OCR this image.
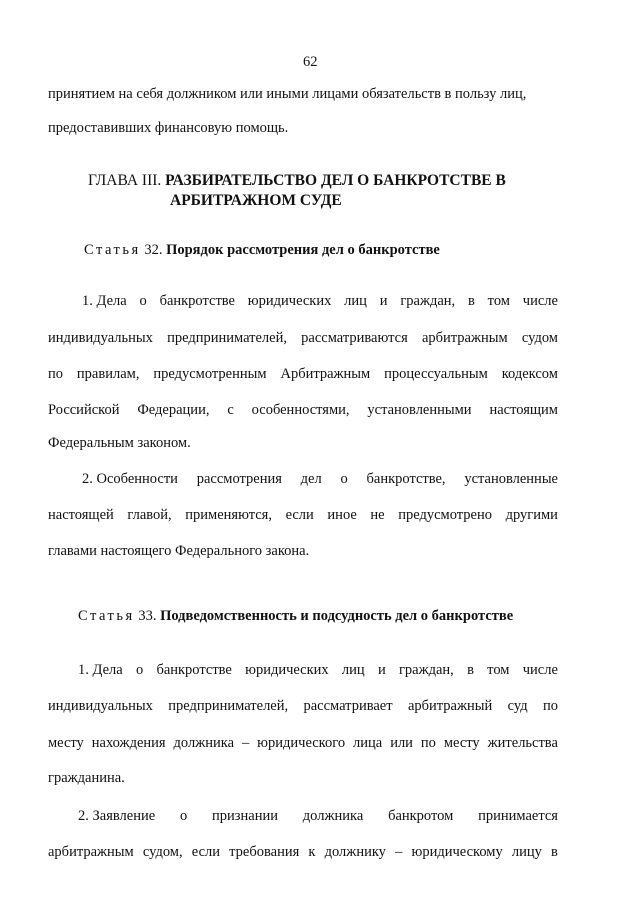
62
принятием на себя должником или иными лицами обязательств в пользу лиц,
предоставивших финансовую помощь.
ГЛАВА III. РАЗБИРАТЕЛЬСТВО ДЕЛ О БАНКРОТСТВЕ В
АРБИТРАЖНОМ СУДЕ
Статья 32. Порядок рассмотрения дел о банкротстве
1. Дела о банкротстве юридических лиц и граждан, в том числе
индивидуальных предпринимателей, рассматриваются арбитражным судом
по правилам, предусмотренным Арбитражным процессуальным кодексом
Российской Федерации, с особенностями, установленными настоящим
Федеральным законом.
2. Особенности рассмотрения дел о банкротстве, установленные
настоящей главой, применяются, если иное не предусмотрено другими
главами настоящего Федерального закона.
Статья 33. Подведомственность и подсудность дел о банкротстве
1. Дела о банкротстве юридических лиц и граждан, в том числе
индивидуальных предпринимателей, рассматривает арбитражный суд по
месту нахождения должника – юридического лица или по месту жительства
гражданина.
2. Заявление о признании должника банкротом принимается
арбитражным судом, если требования к должнику – юридическому лицу в
